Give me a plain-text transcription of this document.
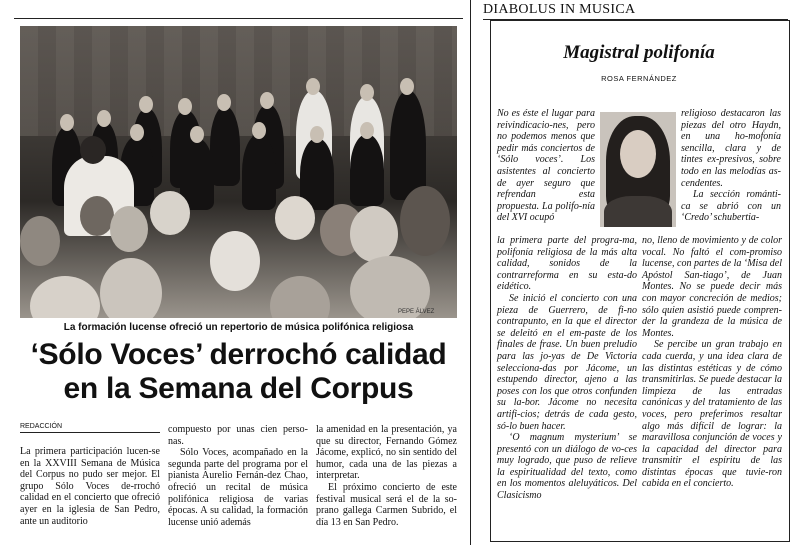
PEPE ÁLVEZ
La formación lucense ofreció un repertorio de música polifónica religiosa
‘Sólo Voces’ derrochó calidad
en la Semana del Corpus
REDACCIÓN

La primera participación lucen-se en la XXVIII Semana de Música del Corpus no pudo ser mejor. El grupo Sólo Voces de-rrochó calidad en el concierto que ofreció ayer en la iglesia de San Pedro, ante un auditorio

compuesto por unas cien perso-nas.

Sólo Voces, acompañado en la segunda parte del programa por el pianista Aurelio Fernán-dez Chao, ofreció un recital de música polifónica religiosa de varias épocas. A su calidad, la formación lucense unió además

la amenidad en la presentación, ya que su director, Fernando Gómez Jácome, explicó, no sin sentido del humor, cada una de las piezas a interpretar.

El próximo concierto de este festival musical será el de la so-prano gallega Carmen Subrido, el día 13 en San Pedro.

DIABOLUS IN MUSICA
Magistral polifonía
ROSA FERNÁNDEZ

No es éste el lugar para reivindicacio-nes, pero no podemos menos que pedir más conciertos de ‘Sólo voces’. Los asistentes al concierto de ayer seguro que refrendan esta propuesta. La polifo-nía del XVI ocupó

religioso destacaron las piezas del otro Haydn, en una ho-mofonía sencilla, clara y de tintes ex-presivos, sobre todo en las melodías as-cendentes.

La sección románti-ca se abrió con un ‘Credo’ schubertia-

la primera parte del progra-ma, polifonía religiosa de la más alta calidad, sonidos de la contrarreforma en su esta-do eidético.

Se inició el concierto con una pieza de Guerrero, de fi-no contrapunto, en la que el director se deleitó en el em-paste de los finales de frase. Un buen preludio para las jo-yas de De Victoria selecciona-das por Jácome, un estupendo director, ajeno a las poses con los que otros confunden su la-bor. Jácome no necesita artifi-cios; detrás de cada gesto, só-lo buen hacer.

‘O magnum mysterium’ se presentó con un diálogo de vo-ces muy logrado, que puso de relieve la espiritualidad del texto, como en los momentos aleluyáticos. Del Clasicismo

no, lleno de movimiento y de color vocal. No faltó el com-promiso lucense, con partes de la ‘Misa del Apóstol San-tiago’, de Juan Montes. No se puede decir más con mayor concreción de medios; sólo quien asistió puede compren-der la grandeza de la música de Montes.

Se percibe un gran trabajo en cada cuerda, y una idea clara de las distintas estéticas y de cómo transmitirlas. Se puede destacar la limpieza de las entradas canónicas y del tratamiento de las voces, pero preferimos resaltar algo más difícil de lograr: la maravillosa conjunción de voces y la capacidad del director para transmitir el espíritu de las distintas épocas que tuvie-ron cabida en el concierto.
